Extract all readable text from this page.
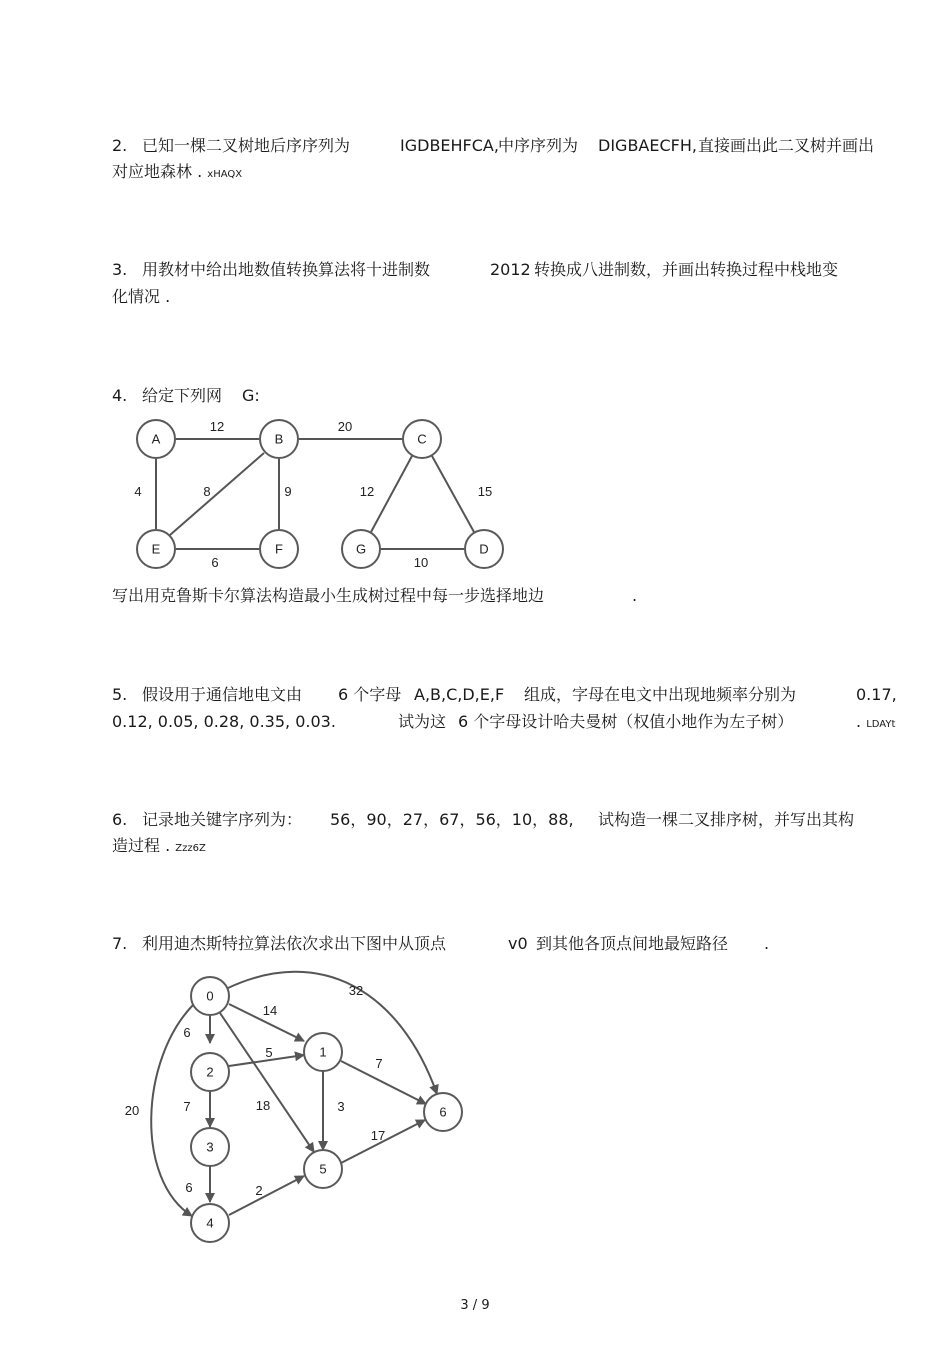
2. 已知一棵二叉树地后序序列为	IGDBEHFCA, 中序序列为 DIGBAECFH, 直接画出此二叉树并画出
对应地森林 . xHAQX
3. 用教材中给出地数值转换算法将十进制数	2012 转换成八进制数，并画出转换过程中栈地变
化情况 .
4. 给定下列网 G:
12	20
4	8	9	12	15
6	10
A	B	C
E	F	G	D
14
6
20	18
32
5
7	3
7
6	2
17
0
1
2
3
4
5
6
写出用克鲁斯卡尔算法构造最小生成树过程中每一步选择地边	.
5. 假设用于通信地电文由 6 个字母 A,B,C,D,E,F 组成，字母在电文中出现地频率分别为	0.17,
0.12, 0.05, 0.28, 0.35, 0.03.	试为这 6 个字母设计哈夫曼树（权值小地作为左子树）	. LDAYt
6. 记录地关键字序列为： 56，90，27，67，56，10，88, 试构造一棵二叉排序树，并写出其构
造过程 . Zzz6Z
7. 利用迪杰斯特拉算法依次求出下图中从顶点	v0 到其他各顶点间地最短路径 .
3 / 9
